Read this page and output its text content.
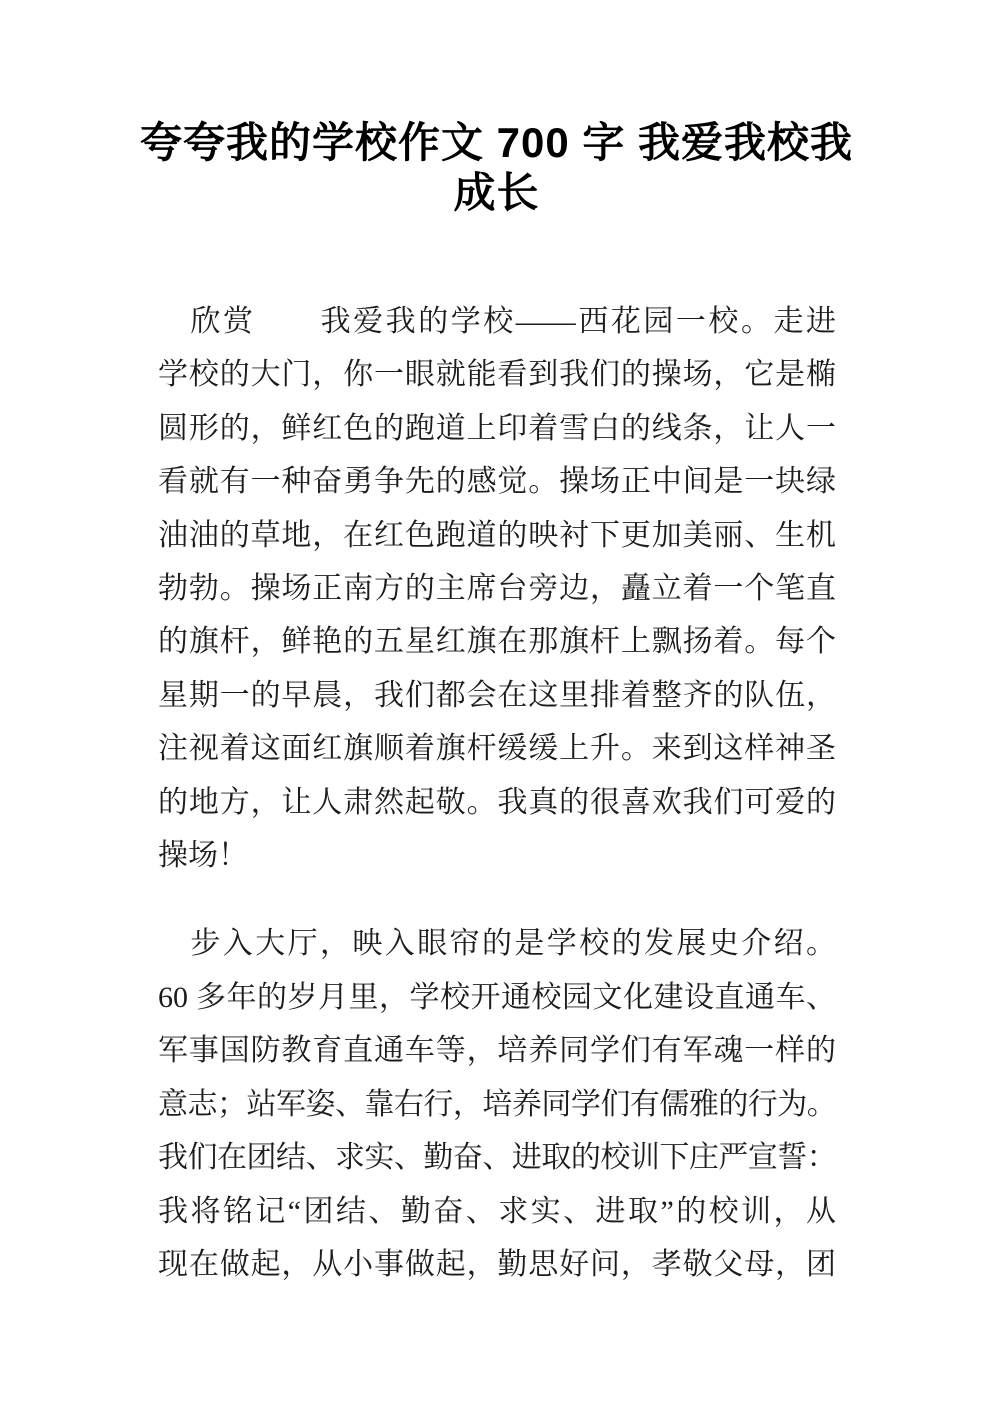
夸夸我的学校作文 700 字 我爱我校我
成长
　欣赏　　我爱我的学校——西花园一校。走进
学校的大门，你一眼就能看到我们的操场，它是椭
圆形的，鲜红色的跑道上印着雪白的线条，让人一
看就有一种奋勇争先的感觉。操场正中间是一块绿
油油的草地，在红色跑道的映衬下更加美丽、生机
勃勃。操场正南方的主席台旁边，矗立着一个笔直
的旗杆，鲜艳的五星红旗在那旗杆上飘扬着。每个
星期一的早晨，我们都会在这里排着整齐的队伍，
注视着这面红旗顺着旗杆缓缓上升。来到这样神圣
的地方，让人肃然起敬。我真的很喜欢我们可爱的
操场！
　步入大厅，映入眼帘的是学校的发展史介绍。
60 多年的岁月里，学校开通校园文化建设直通车、
军事国防教育直通车等，培养同学们有军魂一样的
意志；站军姿、靠右行，培养同学们有儒雅的行为。
我们在团结、求实、勤奋、进取的校训下庄严宣誓：
我将铭记“团结、勤奋、求实、进取”的校训，从
现在做起，从小事做起，勤思好问，孝敬父母，团
